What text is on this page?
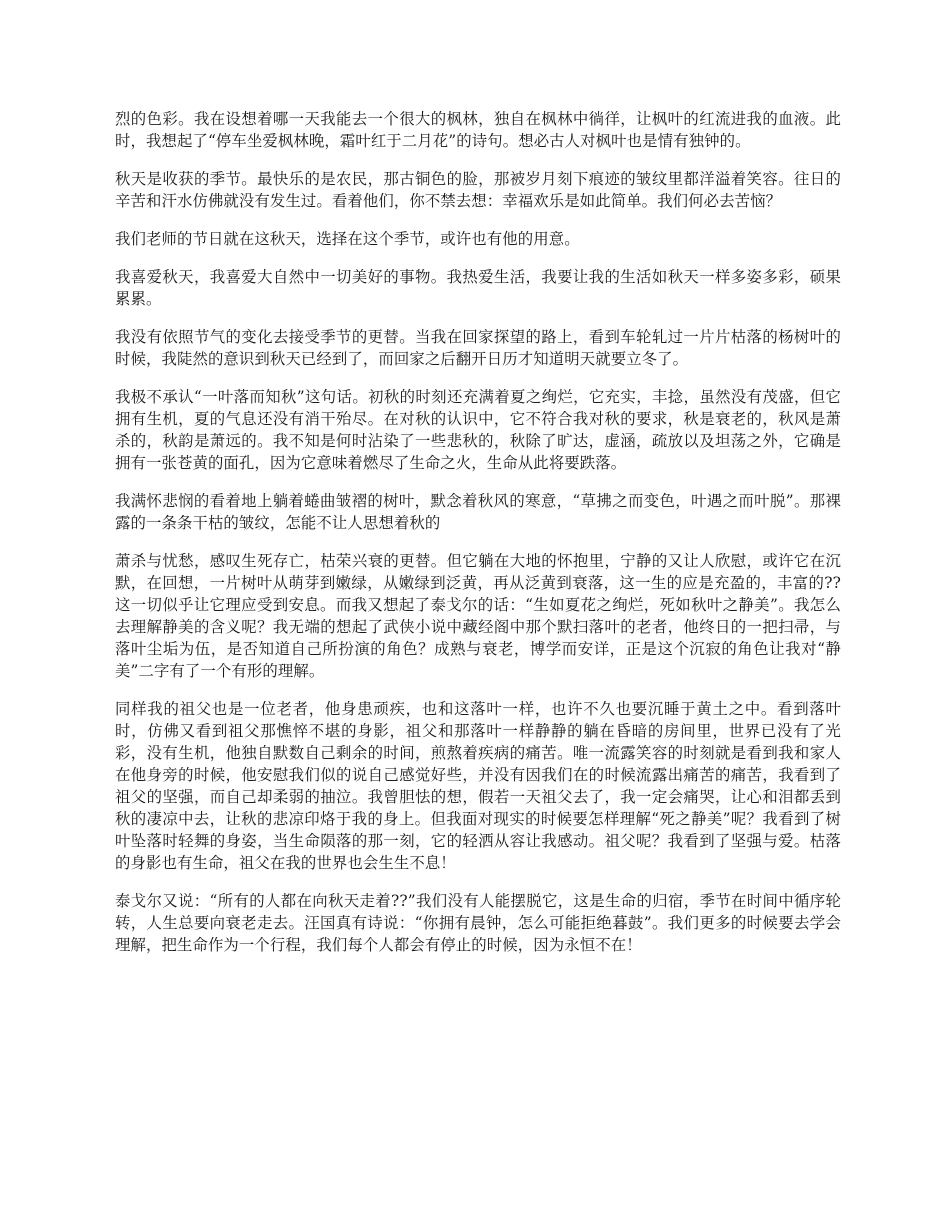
烈的色彩。我在设想着哪一天我能去一个很大的枫林，独自在枫林中徜徉，让枫叶的红流进我的血液。此时，我想起了“停车坐爱枫林晚，霜叶红于二月花”的诗句。想必古人对枫叶也是情有独钟的。

秋天是收获的季节。最快乐的是农民，那古铜色的脸，那被岁月刻下痕迹的皱纹里都洋溢着笑容。往日的辛苦和汗水仿佛就没有发生过。看着他们，你不禁去想：幸福欢乐是如此简单。我们何必去苦恼？

我们老师的节日就在这秋天，选择在这个季节，或许也有他的用意。

我喜爱秋天，我喜爱大自然中一切美好的事物。我热爱生活，我要让我的生活如秋天一样多姿多彩，硕果累累。

我没有依照节气的变化去接受季节的更替。当我在回家探望的路上，看到车轮轧过一片片枯落的杨树叶的时候，我陡然的意识到秋天已经到了，而回家之后翻开日历才知道明天就要立冬了。

我极不承认“一叶落而知秋”这句话。初秋的时刻还充满着夏之绚烂，它充实，丰捻，虽然没有茂盛，但它拥有生机，夏的气息还没有消干殆尽。在对秋的认识中，它不符合我对秋的要求，秋是衰老的，秋风是萧杀的，秋韵是萧远的。我不知是何时沾染了一些悲秋的，秋除了旷达，虚涵，疏放以及坦荡之外，它确是拥有一张苍黄的面孔，因为它意味着燃尽了生命之火，生命从此将要跌落。

我满怀悲悯的看着地上躺着蜷曲皱褶的树叶，默念着秋风的寒意，“草拂之而变色，叶遇之而叶脱”。那裸露的一条条干枯的皱纹，怎能不让人思想着秋的

萧杀与忧愁，感叹生死存亡，枯荣兴衰的更替。但它躺在大地的怀抱里，宁静的又让人欣慰，或许它在沉默，在回想，一片树叶从萌芽到嫩绿，从嫩绿到泛黄，再从泛黄到衰落，这一生的应是充盈的，丰富的??这一切似乎让它理应受到安息。而我又想起了泰戈尔的话：“生如夏花之绚烂，死如秋叶之静美”。我怎么去理解静美的含义呢？我无端的想起了武侠小说中藏经阁中那个默扫落叶的老者，他终日的一把扫帚，与落叶尘垢为伍，是否知道自己所扮演的角色？成熟与衰老，博学而安详，正是这个沉寂的角色让我对“静美”二字有了一个有形的理解。

同样我的祖父也是一位老者，他身患顽疾，也和这落叶一样，也许不久也要沉睡于黄土之中。看到落叶时，仿佛又看到祖父那憔悴不堪的身影，祖父和那落叶一样静静的躺在昏暗的房间里，世界已没有了光彩，没有生机，他独自默数自己剩余的时间，煎熬着疾病的痛苦。唯一流露笑容的时刻就是看到我和家人在他身旁的时候，他安慰我们似的说自己感觉好些，并没有因我们在的时候流露出痛苦的痛苦，我看到了祖父的坚强，而自己却柔弱的抽泣。我曾胆怯的想，假若一天祖父去了，我一定会痛哭，让心和泪都丢到秋的凄凉中去，让秋的悲凉印烙于我的身上。但我面对现实的时候要怎样理解“死之静美”呢？我看到了树叶坠落时轻舞的身姿，当生命陨落的那一刻，它的轻洒从容让我感动。祖父呢？我看到了坚强与爱。枯落的身影也有生命，祖父在我的世界也会生生不息！

泰戈尔又说：“所有的人都在向秋天走着??”我们没有人能摆脱它，这是生命的归宿，季节在时间中循序轮转，人生总要向衰老走去。汪国真有诗说：“你拥有晨钟，怎么可能拒绝暮鼓”。我们更多的时候要去学会理解，把生命作为一个行程，我们每个人都会有停止的时候，因为永恒不在！
